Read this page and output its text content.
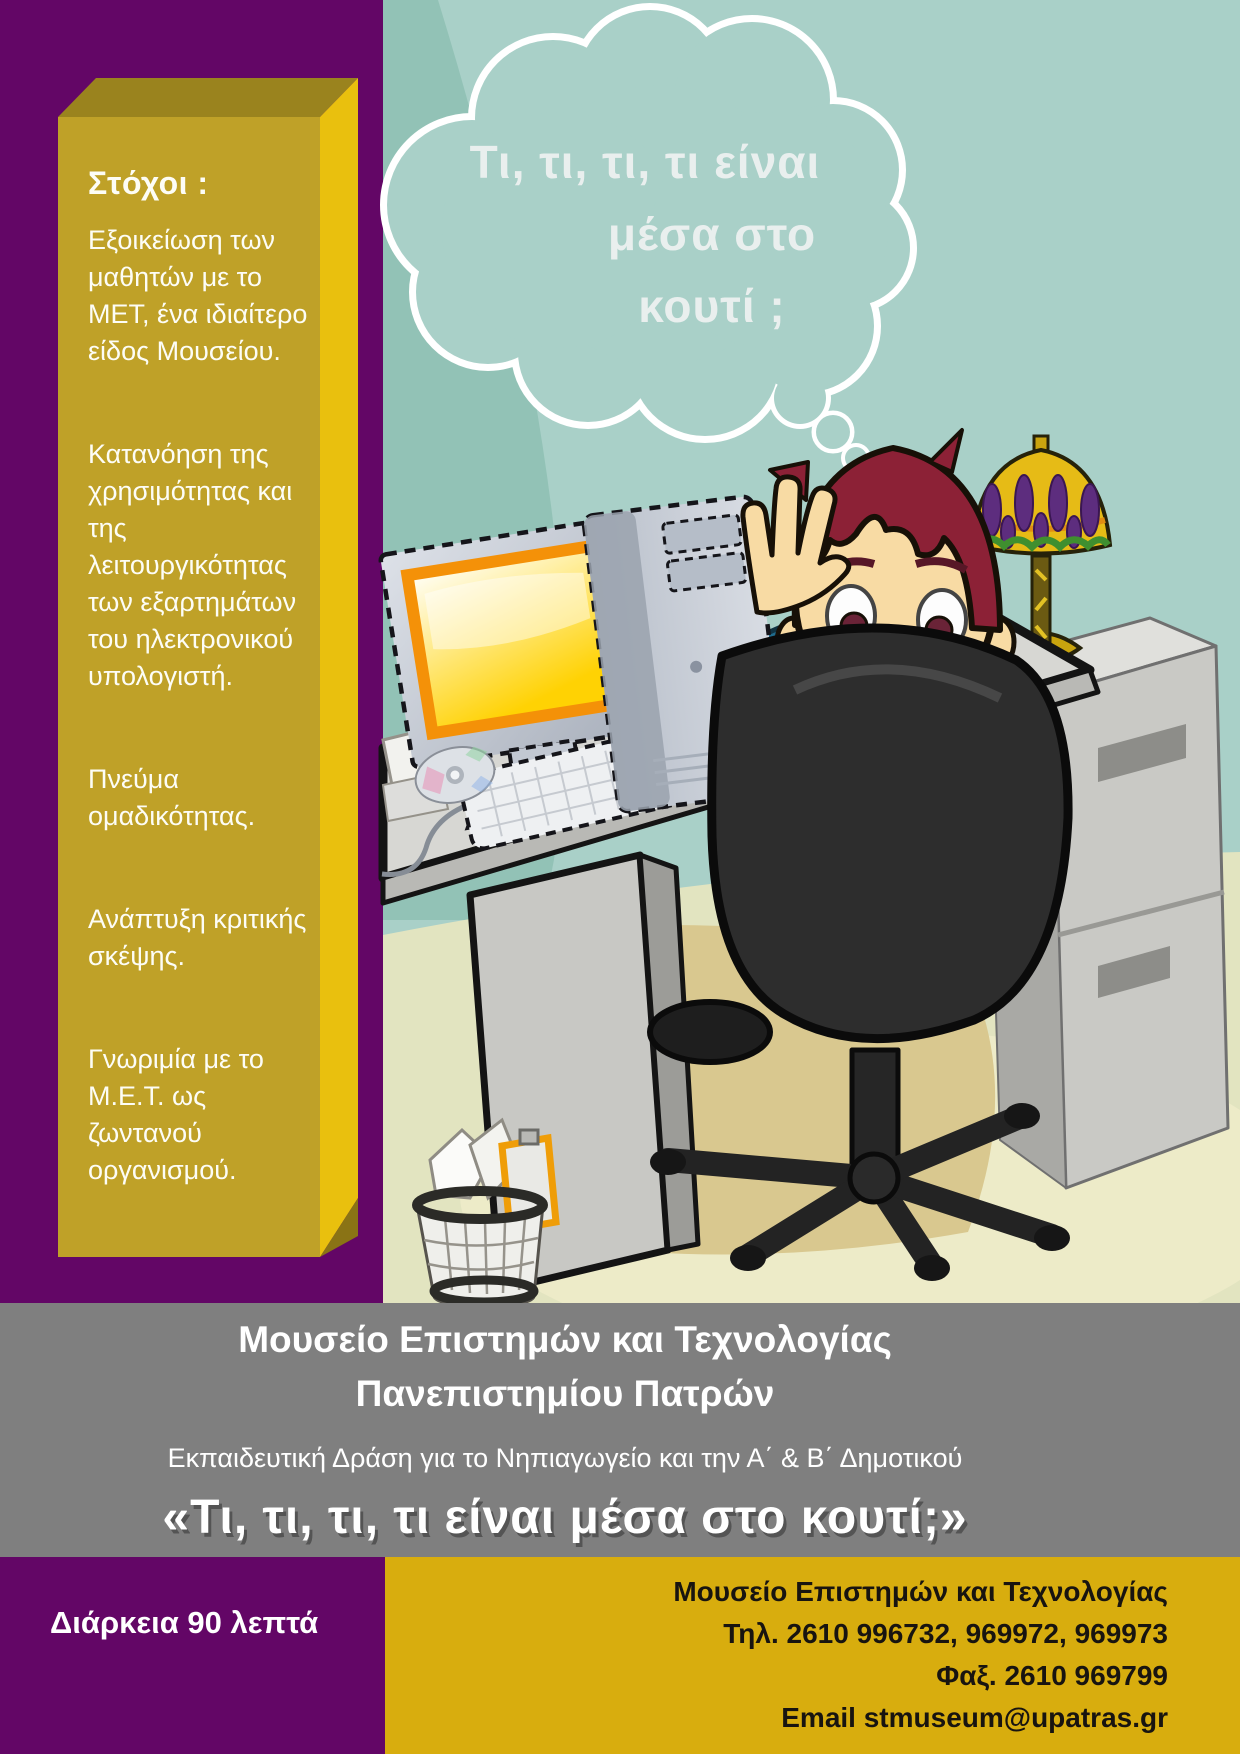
Στόχοι :

Εξοικείωση των μαθητών με το ΜΕΤ, ένα ιδιαίτερο είδος Μουσείου.

Κατανόηση της χρησιμότητας και της λειτουργικότητας των εξαρτημάτων του ηλεκτρονικού υπολογιστή.

Πνεύμα ομαδικότητας.

Ανάπτυξη κριτικής σκέψης.

Γνωριμία με το Μ.Ε.Τ. ως ζωντανού οργανισμού.

Τι, τι, τι, τι είναι
μέσα στο
κουτί ;
Μουσείο Επιστημών και Τεχνολογίας
Πανεπιστημίου Πατρών
Εκπαιδευτική Δράση για το Νηπιαγωγείο και την Α΄ & Β΄ Δημοτικού
«Τι, τι, τι, τι είναι μέσα στο κουτί;»
Διάρκεια 90 λεπτά
Μουσείο Επιστημών και Τεχνολογίας
Τηλ. 2610 996732, 969972, 969973
Φαξ. 2610 969799
Email stmuseum@upatras.gr
